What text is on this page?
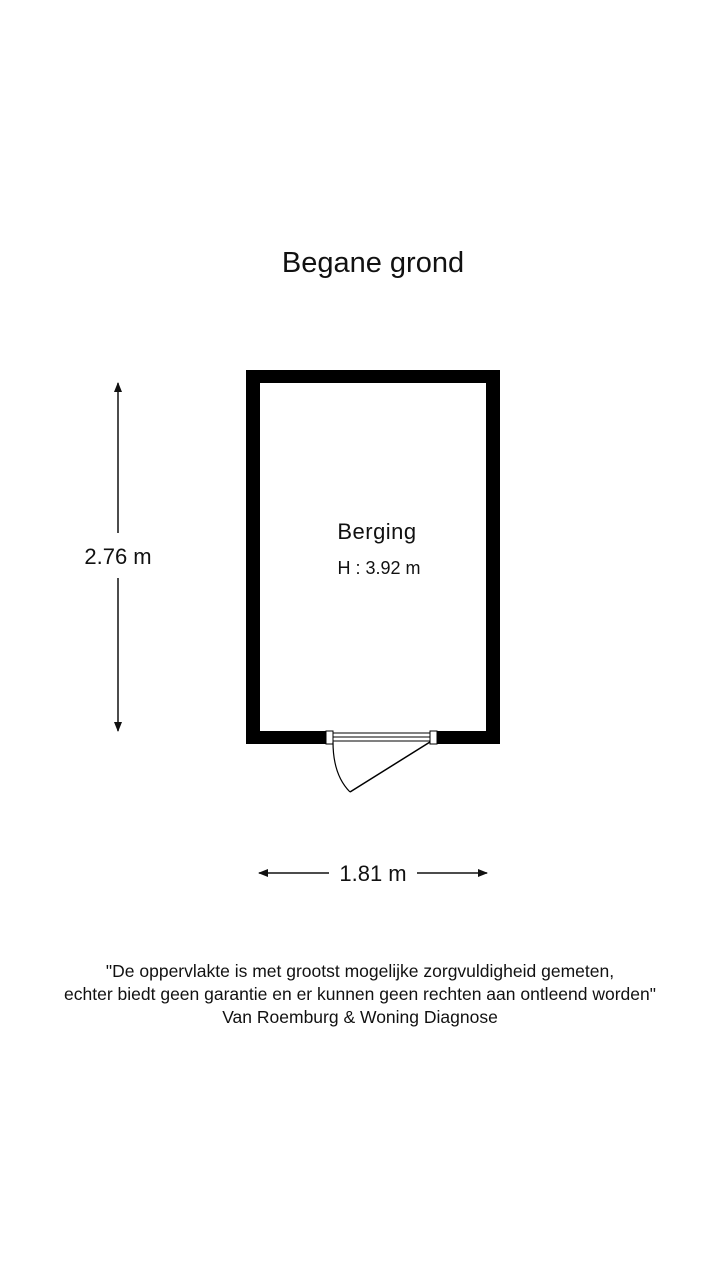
Begane grond
Berging
H : 3.92 m
2.76 m
1.81 m
"De oppervlakte is met grootst mogelijke zorgvuldigheid gemeten,
echter biedt geen garantie en er kunnen geen rechten aan ontleend worden"
Van Roemburg & Woning Diagnose
